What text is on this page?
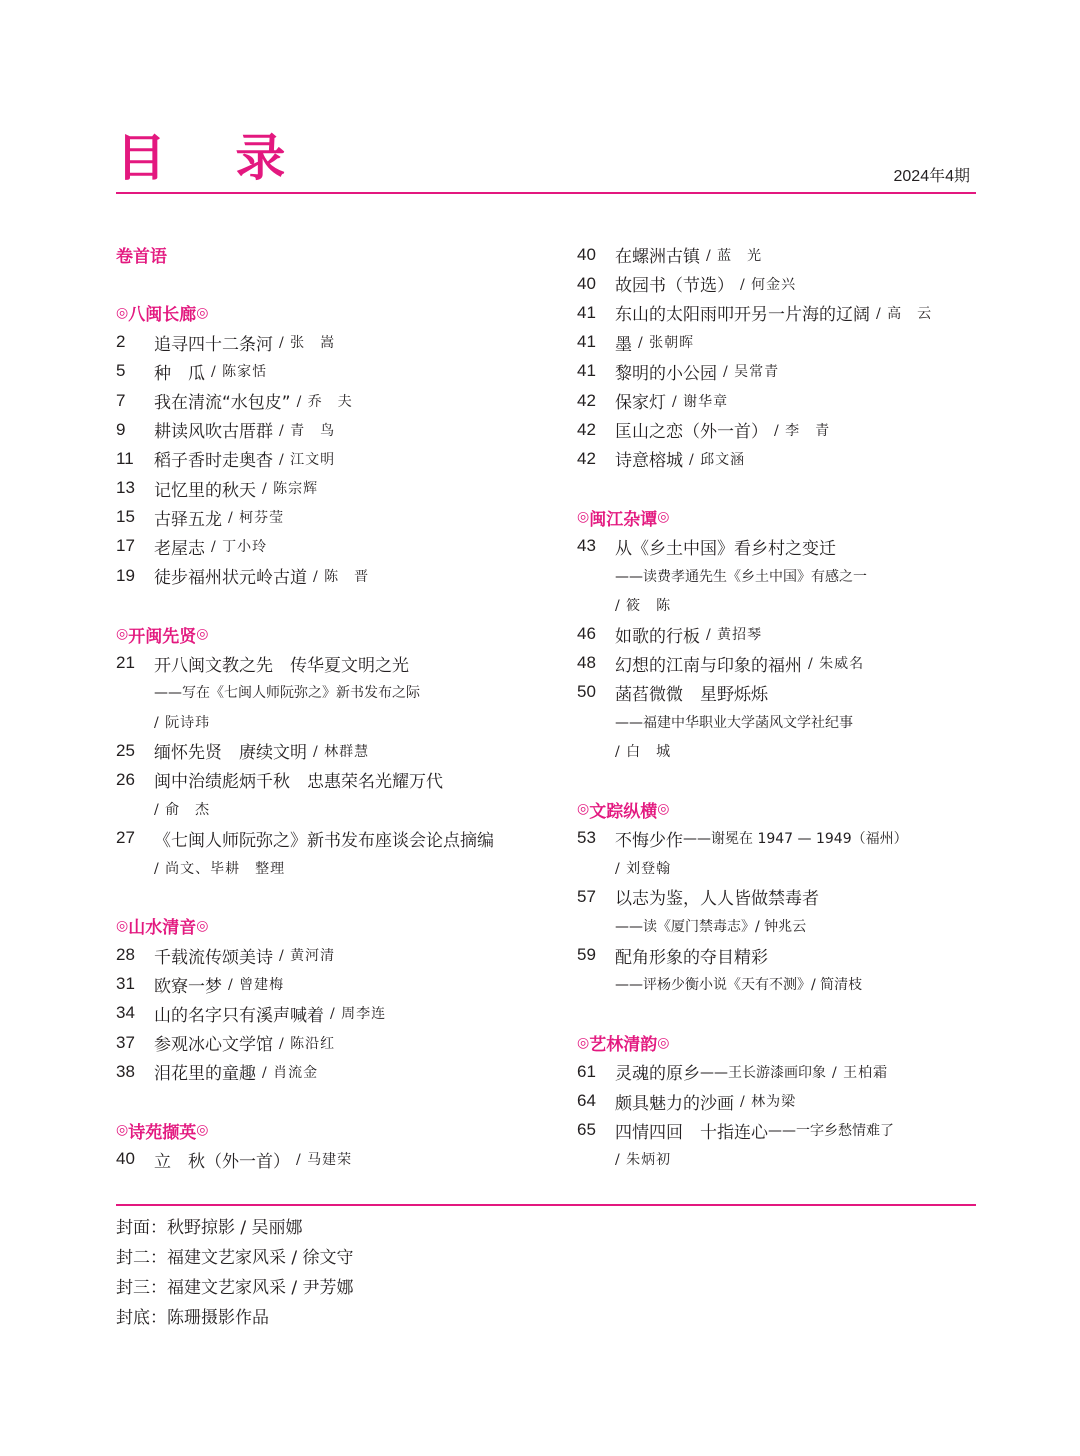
目 录	2024年4期
卷首语
◎ 八闽长廊 ◎
2	追寻四十二条河 / 张　嵩
5	种　瓜 / 陈家恬
7	我在清流“水包皮” / 乔　夫
9	耕读风吹古厝群 / 青　鸟
11	稻子香时走奥杳 / 江文明
13	记忆里的秋天 / 陈宗辉
15	古驿五龙 / 柯芬莹
17	老屋志 / 丁小玲
19	徒步福州状元岭古道 / 陈　晋
◎ 开闽先贤 ◎
21	开八闽文教之先　传华夏文明之光
——写在《七闽人师阮弥之》新书发布之际
/ 阮诗玮
25	缅怀先贤　赓续文明 / 林群慧
26	闽中治绩彪炳千秋　忠惠荣名光耀万代
/ 俞　杰
27	《七闽人师阮弥之》新书发布座谈会论点摘编
/ 尚文、毕耕　整理
◎ 山水清音 ◎
28	千载流传颂美诗 / 黄河清
31	欧寮一梦 / 曾建梅
34	山的名字只有溪声喊着 / 周李连
37	参观冰心文学馆 / 陈沿红
38	泪花里的童趣 / 肖流金
◎ 诗苑撷英 ◎
40	立　秋（外一首） / 马建荣
40	在螺洲古镇 / 蓝　光
40	故园书（节选） / 何金兴
41	东山的太阳雨叩开另一片海的辽阔 / 高　云
41	墨 / 张朝晖
41	黎明的小公园 / 吴常青
42	保家灯 / 谢华章
42	匡山之恋（外一首） / 李　青
42	诗意榕城 / 邱文涵
◎ 闽江杂谭 ◎
43	从《乡土中国》看乡村之变迁
——读费孝通先生《乡土中国》有感之一
/ 筱　陈
46	如歌的行板 / 黄招琴
48	幻想的江南与印象的福州 / 朱威名
50	菡萏微微　星野烁烁
——福建中华职业大学菡风文学社纪事
/ 白　城
◎ 文踪纵横 ◎
53	不悔少作 ——谢冕在 1947 — 1949（福州）
/ 刘登翰
57	以志为鉴，人人皆做禁毒者
——读《厦门禁毒志》/ 钟兆云
59	配角形象的夺目精彩
——评杨少衡小说《天有不测》/ 简清枝
◎ 艺林清韵 ◎
61	灵魂的原乡 ——王长游漆画印象 / 王柏霜
64	颇具魅力的沙画 / 林为梁
65	四情四回　十指连心 ——一字乡愁情难了
/ 朱炳初
封面：秋野掠影 / 吴丽娜
封二：福建文艺家风采 / 徐文守
封三：福建文艺家风采 / 尹芳娜
封底：陈珊摄影作品
